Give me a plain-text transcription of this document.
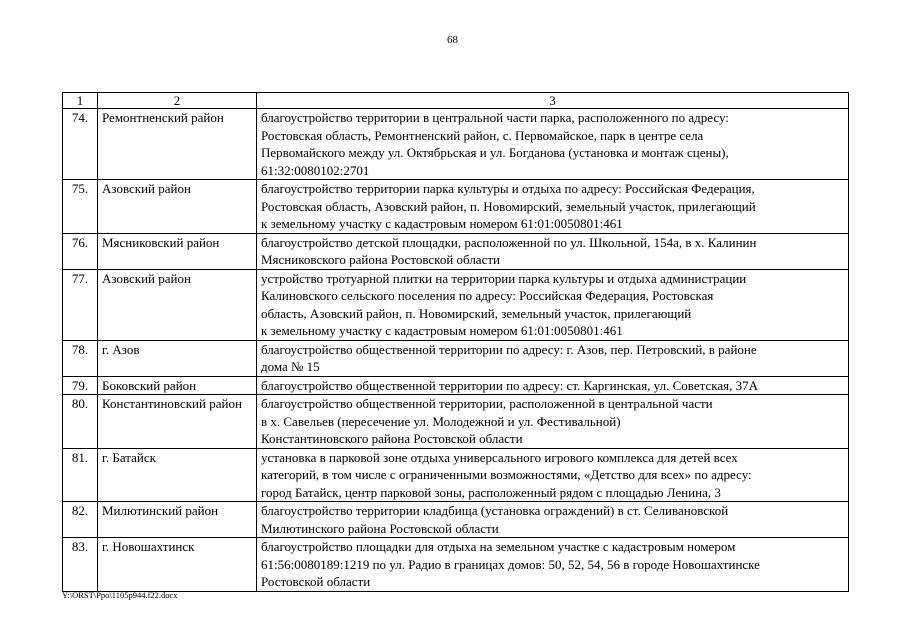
68
1	2	3
74.	Ремонтненский район	благоустройство территории в центральной части парка, расположенного по адресу:
Ростовская область, Ремонтненский район, с. Первомайское, парк в центре села
Первомайского между ул. Октябрьская и ул. Богданова (установка и монтаж сцены),
61:32:0080102:2701

75.	Азовский район	благоустройство территории парка культуры и отдыха по адресу: Российская Федерация,
Ростовская область, Азовский район, п. Новомирский, земельный участок, прилегающий
к земельному участку с кадастровым номером 61:01:0050801:461

76.	Мясниковский район	благоустройство детской площадки, расположенной по ул. Школьной, 154а, в х. Калинин
Мясниковского района Ростовской области

77.	Азовский район	устройство тротуарной плитки на территории парка культуры и отдыха администрации
Калиновского сельского поселения по адресу: Российская Федерация, Ростовская
область, Азовский район, п. Новомирский, земельный участок, прилегающий
к земельному участку с кадастровым номером 61:01:0050801:461

78.	г. Азов	благоустройство общественной территории по адресу: г. Азов, пер. Петровский, в районе
дома № 15

79.	Боковский район	благоустройство общественной территории по адресу: ст. Каргинская, ул. Советская, 37А

80.	Константиновский район	благоустройство общественной территории, расположенной в центральной части
в х. Савельев (пересечение ул. Молодежной и ул. Фестивальной)
Константиновского района Ростовской области

81.	г. Батайск	установка в парковой зоне отдыха универсального игрового комплекса для детей всех
категорий, в том числе с ограниченными возможностями, «Детство для всех» по адресу:
город Батайск, центр парковой зоны, расположенный рядом с площадью Ленина, 3

82.	Милютинский район	благоустройство территории кладбища (установка ограждений) в ст. Селивановской
Милютинского района Ростовской области

83.	г. Новошахтинск	благоустройство площадки для отдыха на земельном участке с кадастровым номером
61:56:0080189:1219 по ул. Радио в границах домов: 50, 52, 54, 56 в городе Новошахтинске
Ростовской области
Y:\ORST\Ppo\1105p944.f22.docx
